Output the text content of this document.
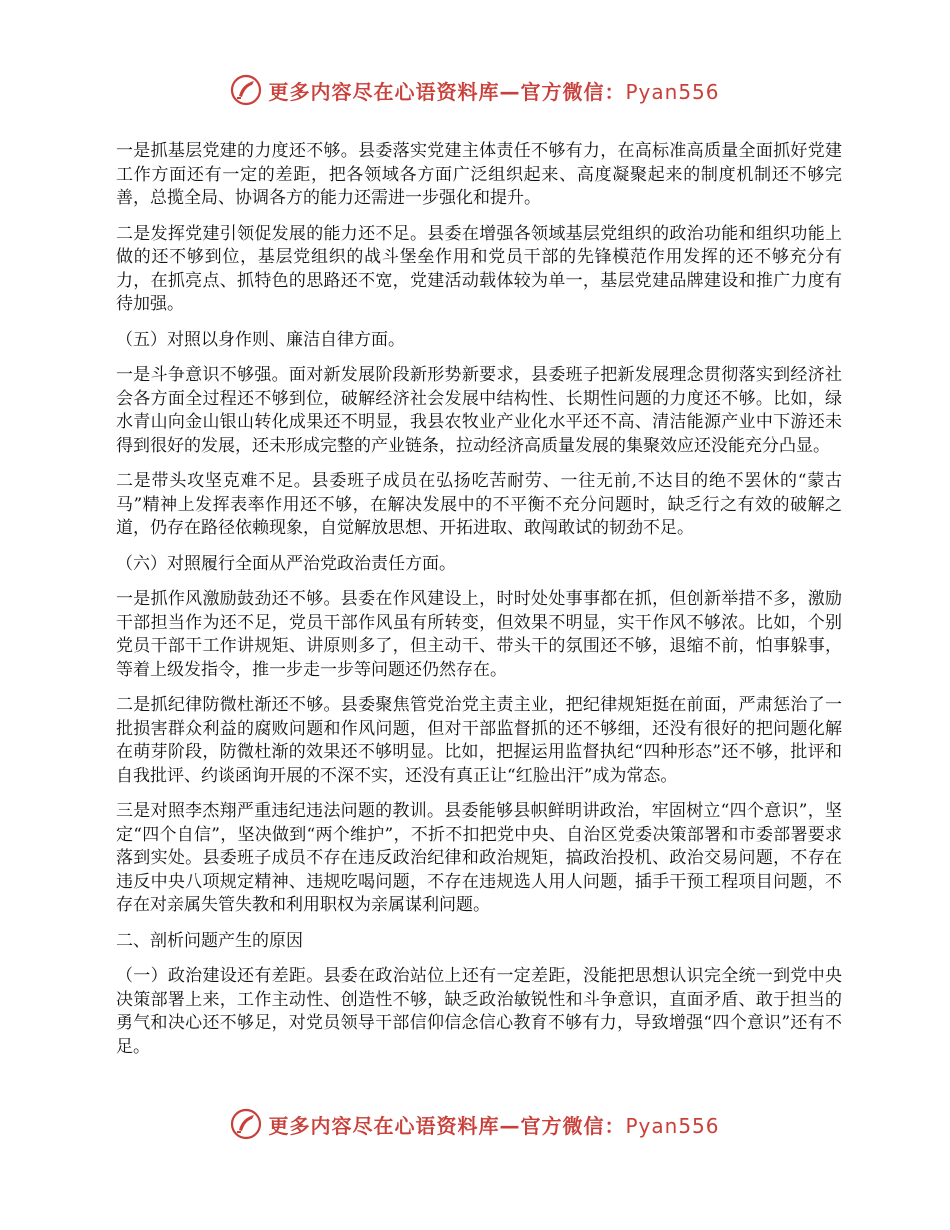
更多内容尽在心语资料库—官方微信：Pyan556

一是抓基层党建的力度还不够。县委落实党建主体责任不够有力，在高标准高质量全面抓好党建工作方面还有一定的差距，把各领域各方面广泛组织起来、高度凝聚起来的制度机制还不够完善，总揽全局、协调各方的能力还需进一步强化和提升。

二是发挥党建引领促发展的能力还不足。县委在增强各领域基层党组织的政治功能和组织功能上做的还不够到位，基层党组织的战斗堡垒作用和党员干部的先锋模范作用发挥的还不够充分有力，在抓亮点、抓特色的思路还不宽，党建活动载体较为单一，基层党建品牌建设和推广力度有待加强。

（五）对照以身作则、廉洁自律方面。

一是斗争意识不够强。面对新发展阶段新形势新要求，县委班子把新发展理念贯彻落实到经济社会各方面全过程还不够到位，破解经济社会发展中结构性、长期性问题的力度还不够。比如，绿水青山向金山银山转化成果还不明显，我县农牧业产业化水平还不高、清洁能源产业中下游还未得到很好的发展，还未形成完整的产业链条，拉动经济高质量发展的集聚效应还没能充分凸显。

二是带头攻坚克难不足。县委班子成员在弘扬吃苦耐劳、一往无前,不达目的绝不罢休的“蒙古马”精神上发挥表率作用还不够，在解决发展中的不平衡不充分问题时，缺乏行之有效的破解之道，仍存在路径依赖现象，自觉解放思想、开拓进取、敢闯敢试的韧劲不足。

（六）对照履行全面从严治党政治责任方面。

一是抓作风激励鼓劲还不够。县委在作风建设上，时时处处事事都在抓，但创新举措不多，激励干部担当作为还不足，党员干部作风虽有所转变，但效果不明显，实干作风不够浓。比如，个别党员干部干工作讲规矩、讲原则多了，但主动干、带头干的氛围还不够，退缩不前，怕事躲事，等着上级发指令，推一步走一步等问题还仍然存在。

二是抓纪律防微杜渐还不够。县委聚焦管党治党主责主业，把纪律规矩挺在前面，严肃惩治了一批损害群众利益的腐败问题和作风问题，但对干部监督抓的还不够细，还没有很好的把问题化解在萌芽阶段，防微杜渐的效果还不够明显。比如，把握运用监督执纪“四种形态”还不够，批评和自我批评、约谈函询开展的不深不实，还没有真正让“红脸出汗”成为常态。

三是对照李杰翔严重违纪违法问题的教训。县委能够县帜鲜明讲政治，牢固树立“四个意识”，坚定“四个自信”，坚决做到“两个维护”，不折不扣把党中央、自治区党委决策部署和市委部署要求落到实处。县委班子成员不存在违反政治纪律和政治规矩，搞政治投机、政治交易问题，不存在违反中央八项规定精神、违规吃喝问题，不存在违规选人用人问题，插手干预工程项目问题，不存在对亲属失管失教和利用职权为亲属谋利问题。

二、剖析问题产生的原因

（一）政治建设还有差距。县委在政治站位上还有一定差距，没能把思想认识完全统一到党中央决策部署上来，工作主动性、创造性不够，缺乏政治敏锐性和斗争意识，直面矛盾、敢于担当的勇气和决心还不够足，对党员领导干部信仰信念信心教育不够有力，导致增强“四个意识”还有不足。

更多内容尽在心语资料库—官方微信：Pyan556
